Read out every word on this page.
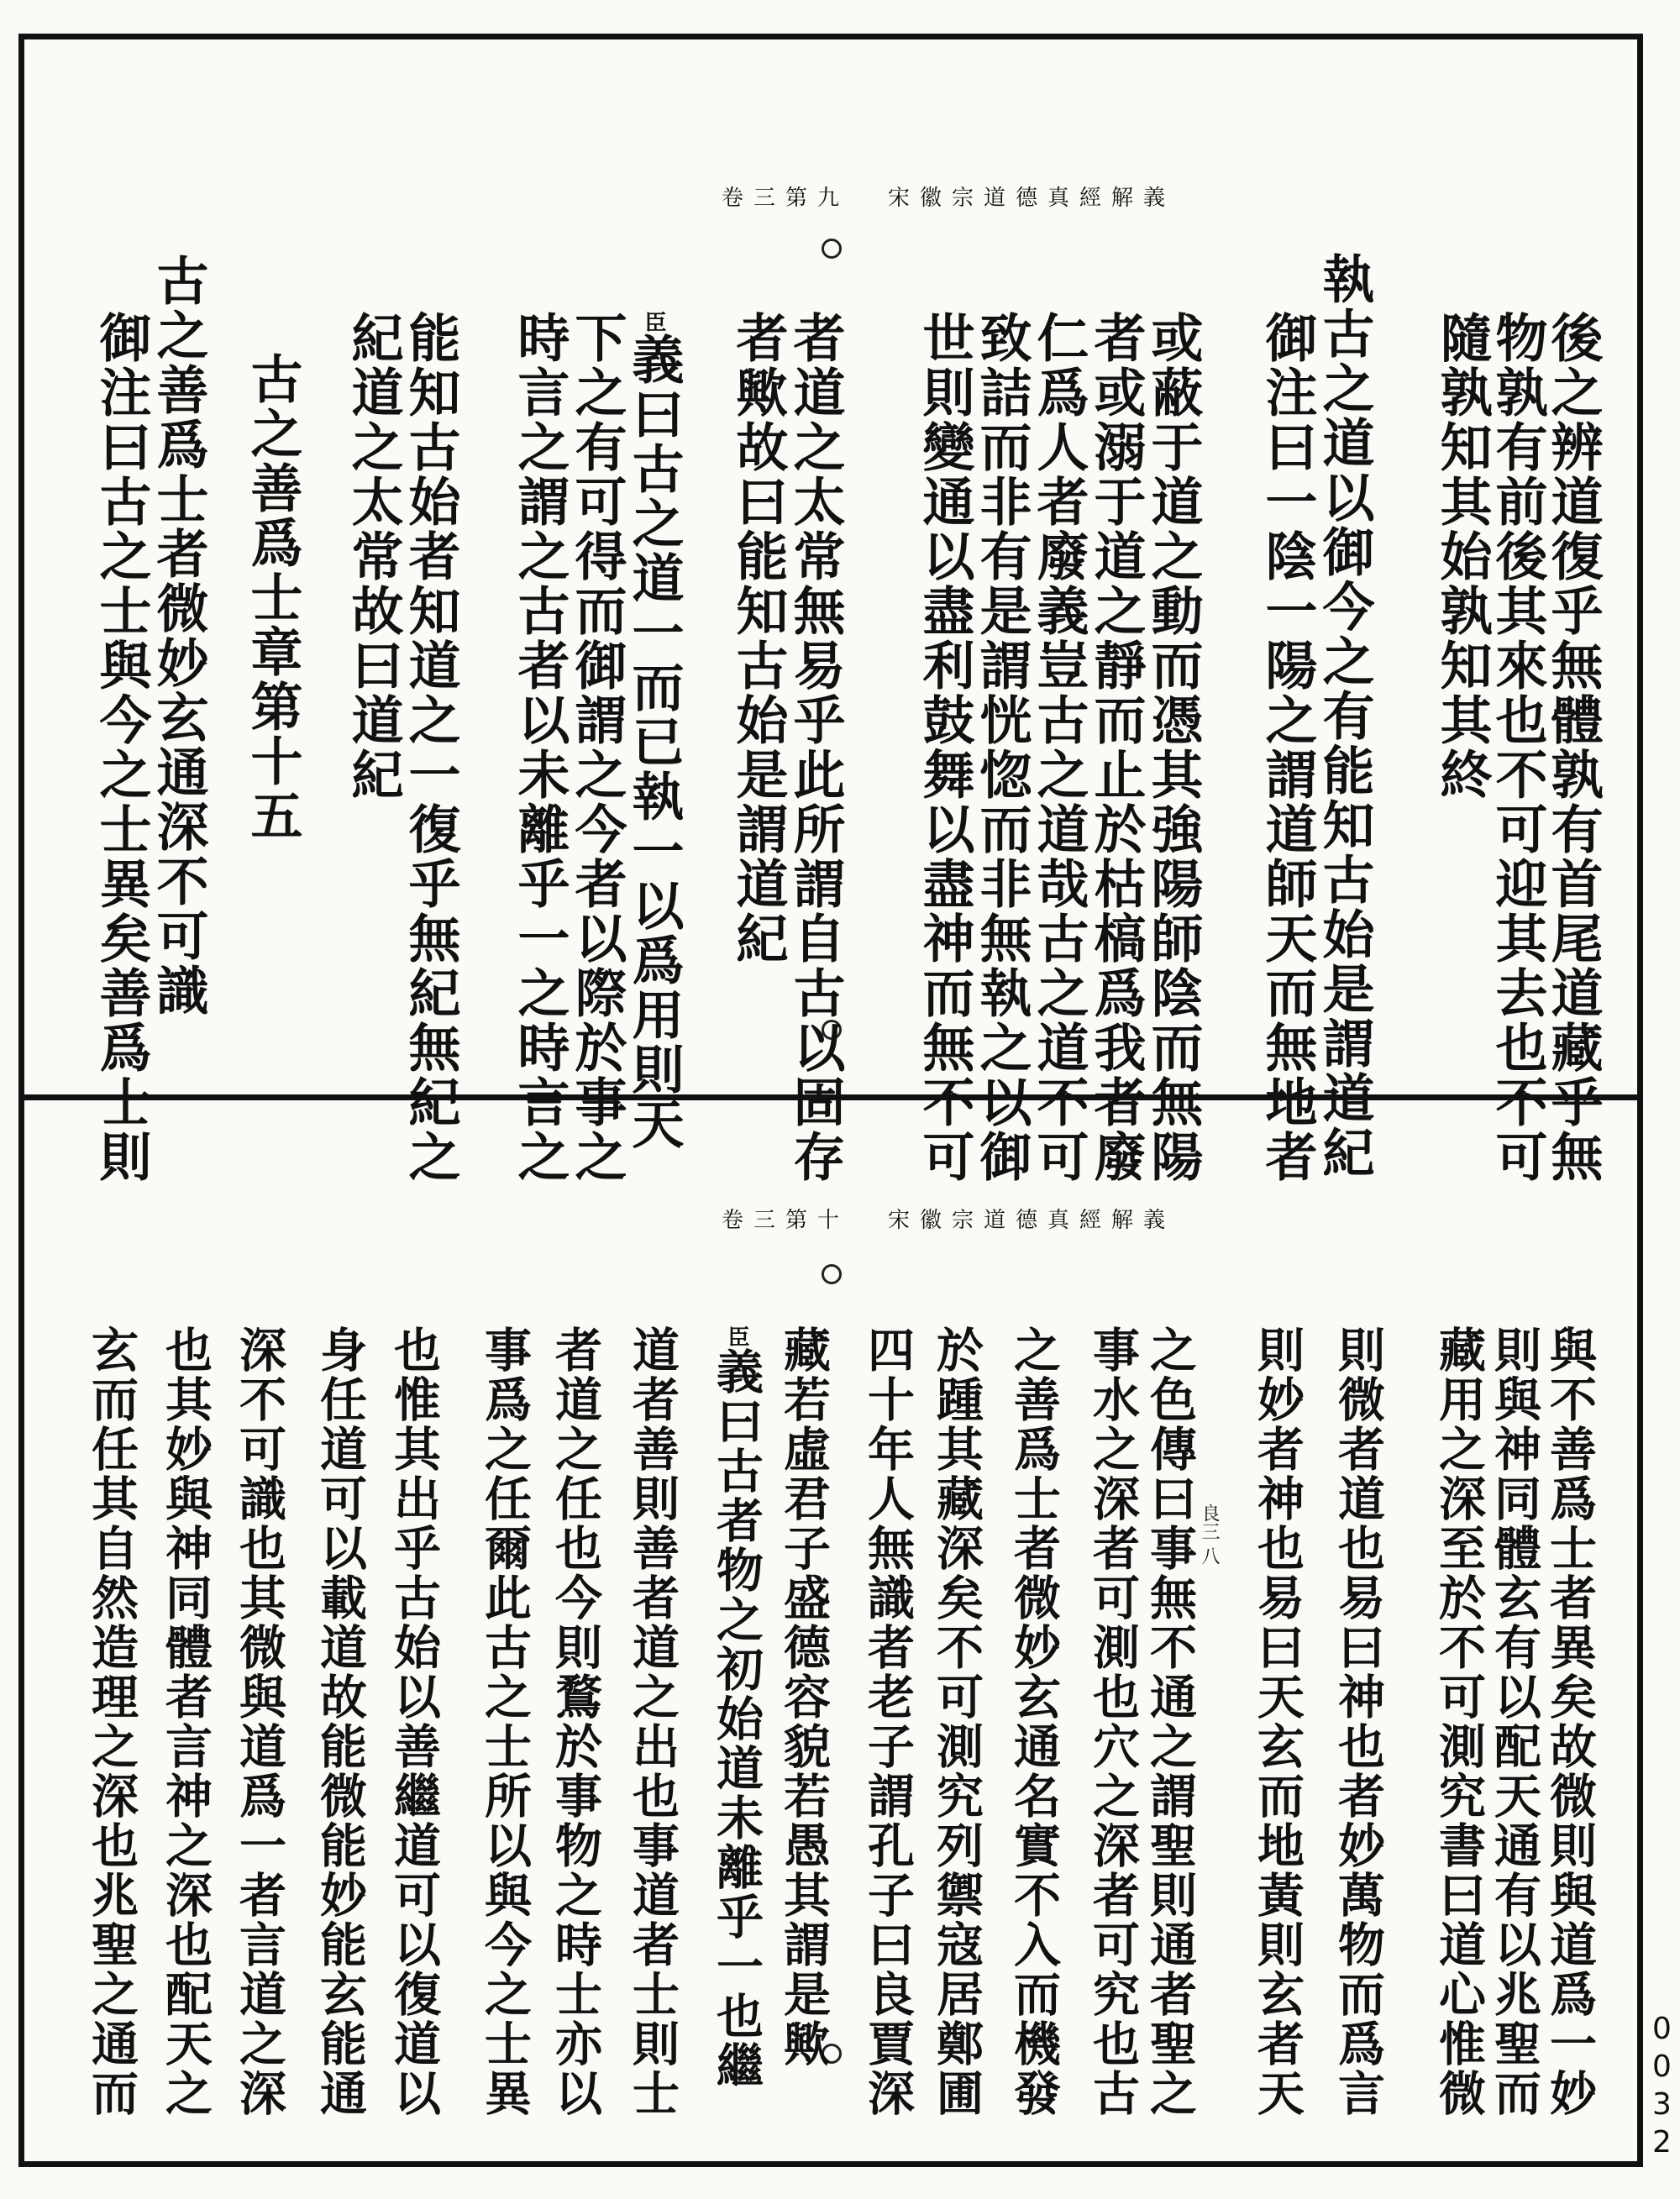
卷三第九 宋徽宗道德真經解義
後之辨道復乎無體孰有首尾道藏乎無
物孰有前後其來也不可迎其去也不可
隨孰知其始孰知其終
執古之道以御今之有能知古始是謂道紀
御注曰一陰一陽之謂道師天而無地者
或蔽于道之動而憑其強陽師陰而無陽
者或溺于道之靜而止於枯槁爲我者廢
仁爲人者廢義豈古之道哉古之道不可
致詰而非有是謂恍惚而非無執之以御
世則變通以盡利鼓舞以盡神而無不可
者道之太常無易乎此所謂自古以固存
者歟故曰能知古始是謂道紀
臣義曰古之道一而已執一以爲用則天
下之有可得而御謂之今者以際於事之
時言之謂之古者以未離乎一之時言之
能知古始者知道之一復乎無紀無紀之
紀道之太常故曰道紀
古之善爲士章第十五
古之善爲士者微妙玄通深不可識
御注曰古之士與今之士異矣善爲士則
卷三第十 宋徽宗道德真經解義
良三 八	與不善爲士者異矣故微則與道爲一妙
則與神同體玄有以配天通有以兆聖而
藏用之深至於不可測究書曰道心惟微
則微者道也易曰神也者妙萬物而爲言
則妙者神也易曰天玄而地黃則玄者天
之色傳曰事無不通之謂聖則通者聖之
事水之深者可測也穴之深者可究也古
之善爲士者微妙玄通名實不入而機發
於踵其藏深矣不可測究列禦寇居鄭圃
四十年人無識者老子謂孔子曰良賈深
藏若虛君子盛德容貌若愚其謂是歟
臣義曰古者物之初始道未離乎一也繼
道者善則善者道之出也事道者士則士
者道之任也今則鶩於事物之時士亦以
事爲之任爾此古之士所以與今之士異
也惟其出乎古始以善繼道可以復道以
身任道可以載道故能微能妙能玄能通
深不可識也其微與道爲一者言道之深
也其妙與神同體者言神之深也配天之
玄而任其自然造理之深也兆聖之通而	0032
